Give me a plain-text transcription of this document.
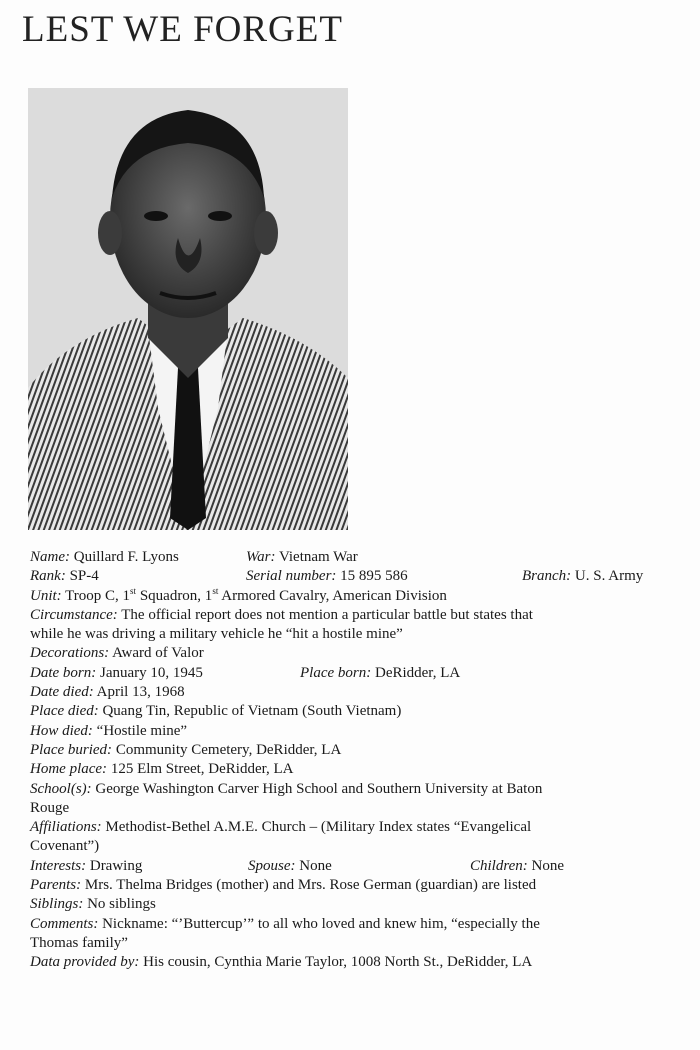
LEST WE FORGET
Name: Quillard F. Lyons	War: Vietnam War
Rank: SP-4	Serial number: 15 895 586	Branch: U. S. Army
Unit: Troop C, 1st Squadron, 1st Armored Cavalry, American Division
Circumstance: The official report does not mention a particular battle but states that
while he was driving a military vehicle he “hit a hostile mine”
Decorations: Award of Valor
Date born: January 10, 1945	Place born: DeRidder, LA
Date died: April 13, 1968
Place died: Quang Tin, Republic of Vietnam (South Vietnam)
How died: “Hostile mine”
Place buried: Community Cemetery, DeRidder, LA
Home place: 125 Elm Street, DeRidder, LA
School(s): George Washington Carver High School and Southern University at Baton
Rouge
Affiliations: Methodist-Bethel A.M.E. Church – (Military Index states “Evangelical
Covenant”)
Interests: Drawing	Spouse: None	Children: None
Parents: Mrs. Thelma Bridges (mother) and Mrs. Rose German (guardian) are listed
Siblings: No siblings
Comments: Nickname: “’Buttercup’” to all who loved and knew him, “especially the
Thomas family”
Data provided by: His cousin, Cynthia Marie Taylor, 1008 North St., DeRidder, LA
